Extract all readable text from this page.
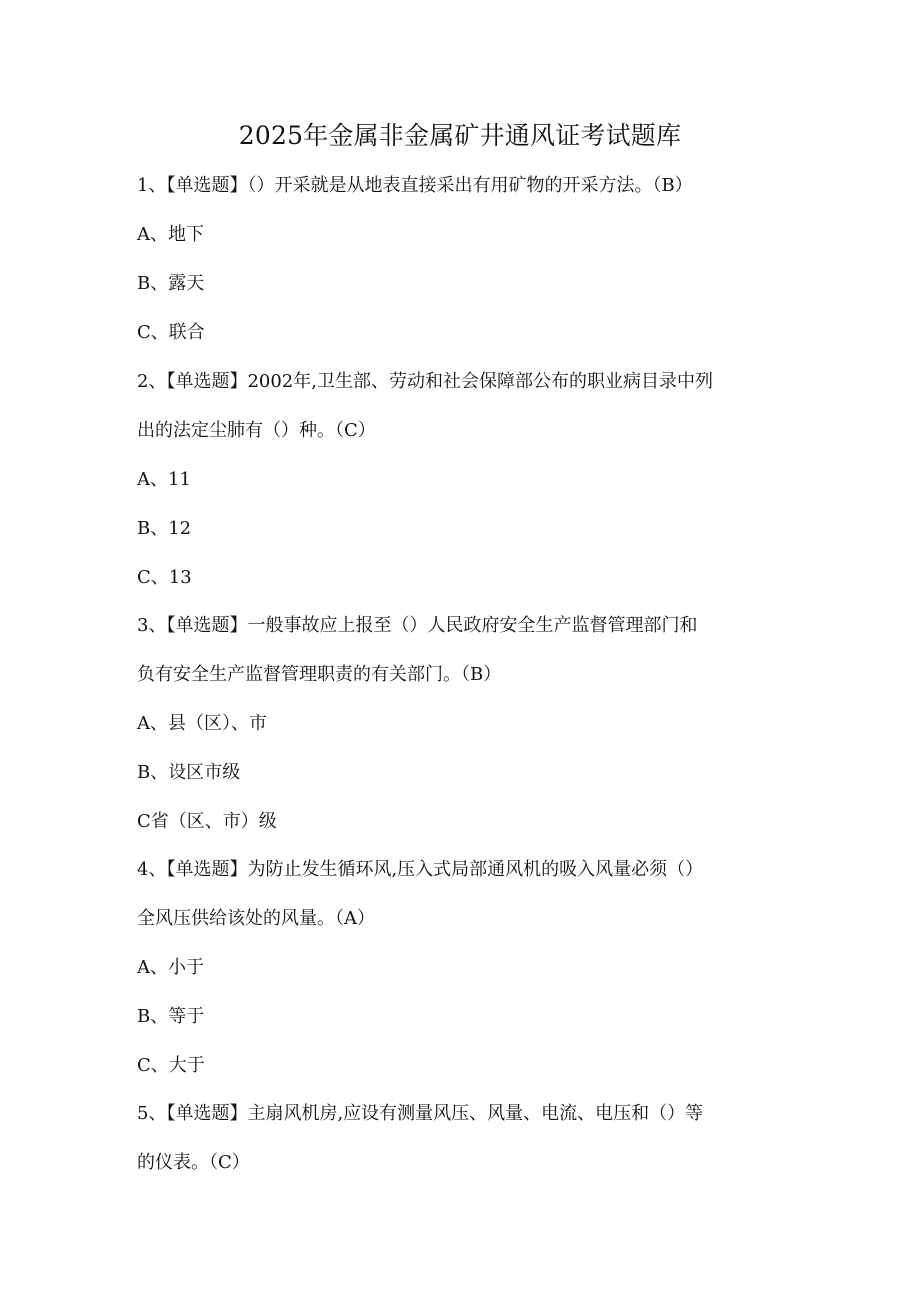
2025年金属非金属矿井通风证考试题库
1、【单选题】（）开采就是从地表直接采出有用矿物的开采方法。（B）
A、地下
B、露天
C、联合
2、【单选题】2002年,卫生部、劳动和社会保障部公布的职业病目录中列
出的法定尘肺有（）种。（C）
A、11
B、12
C、13
3、【单选题】一般事故应上报至（）人民政府安全生产监督管理部门和
负有安全生产监督管理职责的有关部门。（B）
A、县（区）、市
B、设区市级
C省（区、市）级
4、【单选题】为防止发生循环风,压入式局部通风机的吸入风量必须（）
全风压供给该处的风量。（A）
A、小于
B、等于
C、大于
5、【单选题】主扇风机房,应设有测量风压、风量、电流、电压和（）等
的仪表。（C）
